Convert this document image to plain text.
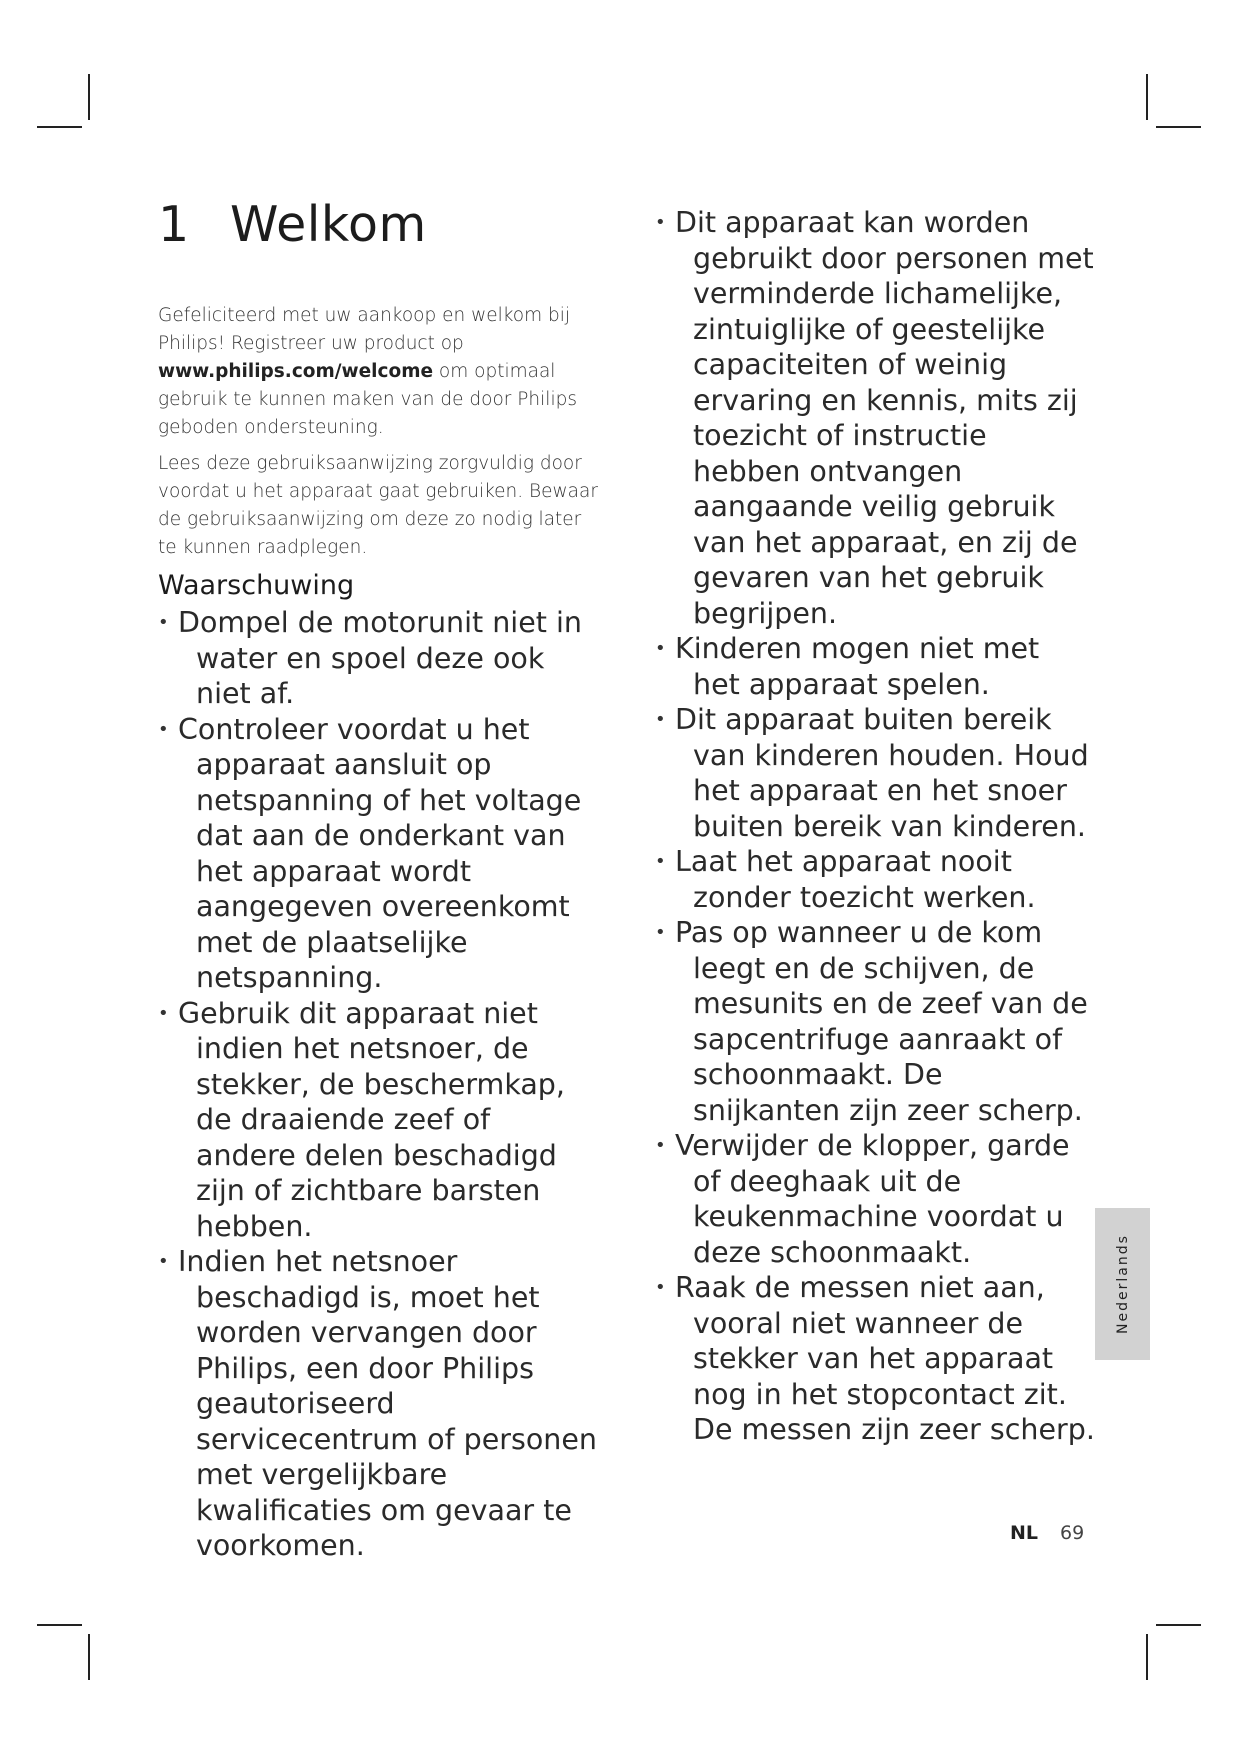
1 Welkom

Gefeliciteerd met uw aankoop en welkom bij Philips! Registreer uw product op www.philips.com/welcome om optimaal gebruik te kunnen maken van de door Philips geboden ondersteuning.

Lees deze gebruiksaanwijzing zorgvuldig door voordat u het apparaat gaat gebruiken. Bewaar de gebruiksaanwijzing om deze zo nodig later te kunnen raadplegen.

Waarschuwing
• Dompel de motorunit niet in water en spoel deze ook niet af.
• Controleer voordat u het apparaat aansluit op netspanning of het voltage dat aan de onderkant van het apparaat wordt aangegeven overeenkomt met de plaatselijke netspanning.
• Gebruik dit apparaat niet indien het netsnoer, de stekker, de beschermkap, de draaiende zeef of andere delen beschadigd zijn of zichtbare barsten hebben.
• Indien het netsnoer beschadigd is, moet het worden vervangen door Philips, een door Philips geautoriseerd servicecentrum of personen met vergelijkbare kwalificaties om gevaar te voorkomen.
• Dit apparaat kan worden gebruikt door personen met verminderde lichamelijke, zintuiglijke of geestelijke capaciteiten of weinig ervaring en kennis, mits zij toezicht of instructie hebben ontvangen aangaande veilig gebruik van het apparaat, en zij de gevaren van het gebruik begrijpen.
• Kinderen mogen niet met het apparaat spelen.
• Dit apparaat buiten bereik van kinderen houden. Houd het apparaat en het snoer buiten bereik van kinderen.
• Laat het apparaat nooit zonder toezicht werken.
• Pas op wanneer u de kom leegt en de schijven, de mesunits en de zeef van de sapcentrifuge aanraakt of schoonmaakt. De snijkanten zijn zeer scherp.
• Verwijder de klopper, garde of deeghaak uit de keukenmachine voordat u deze schoonmaakt.
• Raak de messen niet aan, vooral niet wanneer de stekker van het apparaat nog in het stopcontact zit. De messen zijn zeer scherp.
Nederlands
NL 69
